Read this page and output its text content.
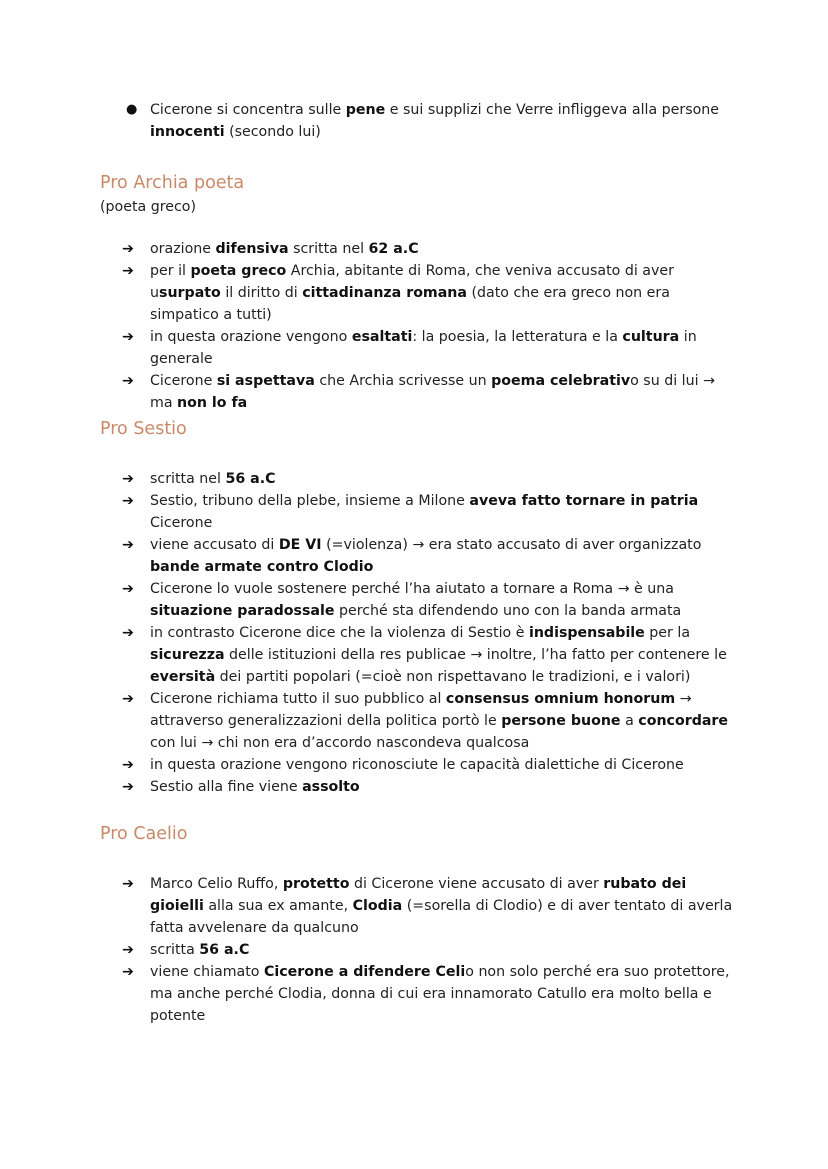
● Cicerone si concentra sulle pene e sui supplizi che Verre infliggeva alla persone innocenti (secondo lui)
Pro Archia poeta

(poeta greco)

➔	orazione difensiva scritta nel 62 a.C
➔	per il poeta greco Archia, abitante di Roma, che veniva accusato di aver usurpato il diritto di cittadinanza romana (dato che era greco non era simpatico a tutti)
➔	in questa orazione vengono esaltati: la poesia, la letteratura e la cultura in generale
➔	Cicerone si aspettava che Archia scrivesse un poema celebrativo su di lui → ma non lo fa
Pro Sestio
➔	scritta nel 56 a.C
➔	Sestio, tribuno della plebe, insieme a Milone aveva fatto tornare in patria Cicerone
➔	viene accusato di DE VI (=violenza) → era stato accusato di aver organizzato bande armate contro Clodio
➔	Cicerone lo vuole sostenere perché l’ha aiutato a tornare a Roma → è una situazione paradossale perché sta difendendo uno con la banda armata
➔	in contrasto Cicerone dice che la violenza di Sestio è indispensabile per la sicurezza delle istituzioni della res publicae → inoltre, l’ha fatto per contenere le eversità dei partiti popolari (=cioè non rispettavano le tradizioni, e i valori)
➔	Cicerone richiama tutto il suo pubblico al consensus omnium honorum → attraverso generalizzazioni della politica portò le persone buone a concordare con lui → chi non era d’accordo nascondeva qualcosa
➔	in questa orazione vengono riconosciute le capacità dialettiche di Cicerone
➔	Sestio alla fine viene assolto
Pro Caelio
➔	Marco Celio Ruffo, protetto di Cicerone viene accusato di aver rubato dei gioielli alla sua ex amante, Clodia (=sorella di Clodio) e di aver tentato di averla fatta avvelenare da qualcuno
➔	scritta 56 a.C
➔	viene chiamato Cicerone a difendere Celio non solo perché era suo protettore, ma anche perché Clodia, donna di cui era innamorato Catullo era molto bella e potente
